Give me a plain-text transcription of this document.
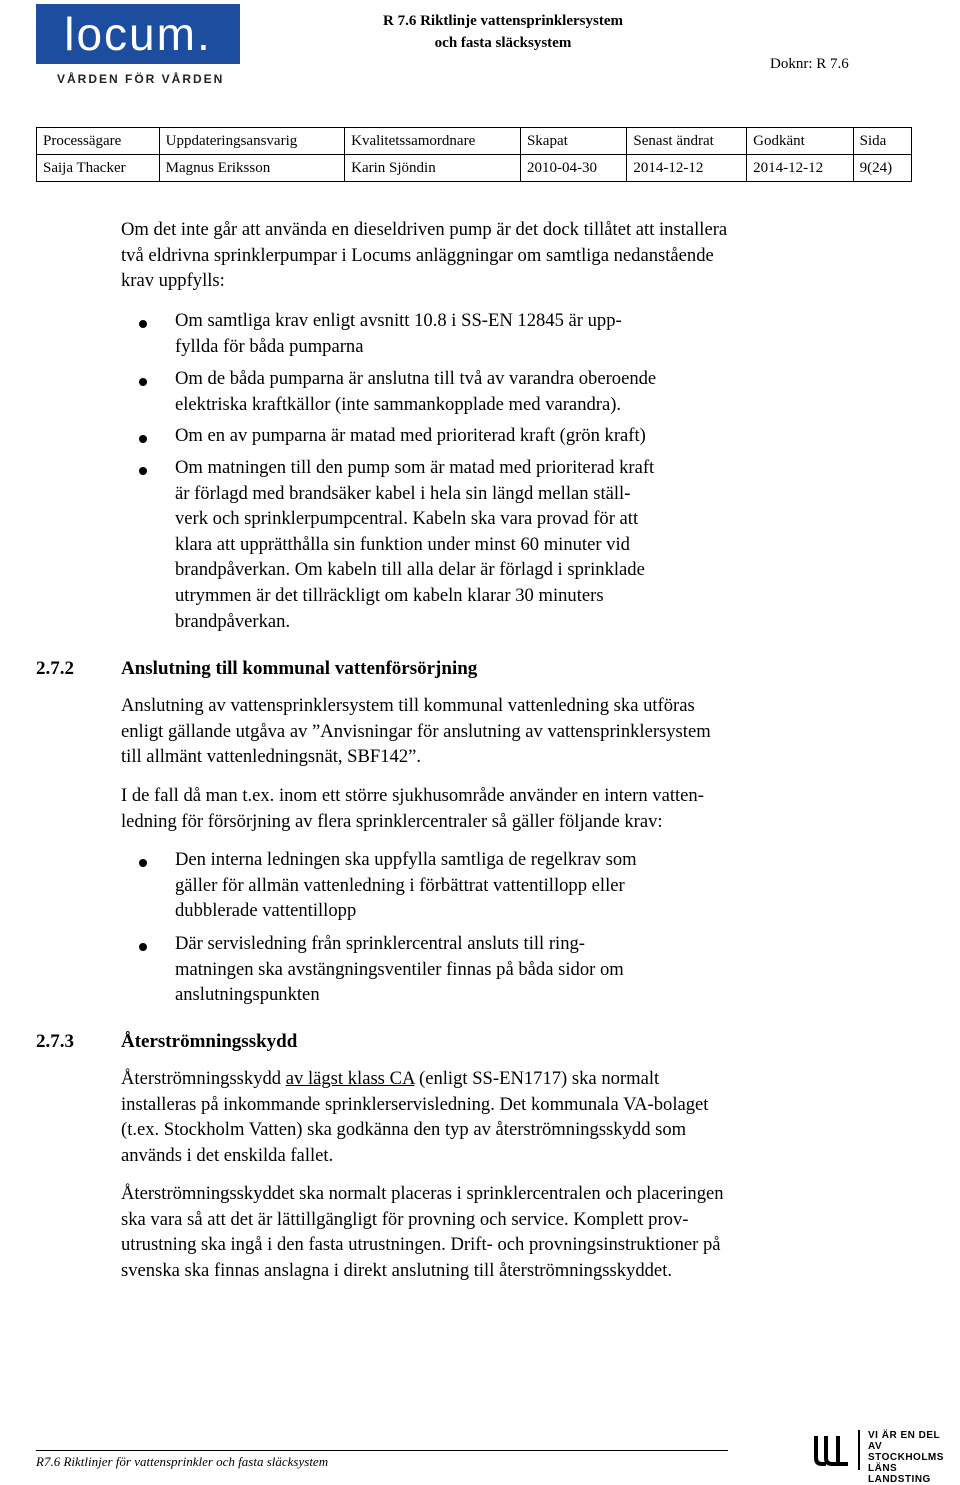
locum.
VÅRDEN FÖR VÅRDEN
R 7.6 Riktlinje vattensprinklersystem
och fasta släcksystem
Doknr: R 7.6
Processägare	Uppdateringsansvarig	Kvalitetssamordnare	Skapat	Senast ändrat	Godkänt	Sida
Saija Thacker	Magnus Eriksson	Karin Sjöndin	2010-04-30	2014-12-12	2014-12-12	9(24)
Om det inte går att använda en dieseldriven pump är det dock tillåtet att installera
två eldrivna sprinklerpumpar i Locums anläggningar om samtliga nedanstående
krav uppfylls:
Om samtliga krav enligt avsnitt 10.8 i SS-EN 12845 är upp-
fyllda för båda pumparna
Om de båda pumparna är anslutna till två av varandra oberoende
elektriska kraftkällor (inte sammankopplade med varandra).
Om en av pumparna är matad med prioriterad kraft (grön kraft)
Om matningen till den pump som är matad med prioriterad kraft
är förlagd med brandsäker kabel i hela sin längd mellan ställ-
verk och sprinklerpumpcentral. Kabeln ska vara provad för att
klara att upprätthålla sin funktion under minst 60 minuter vid
brandpåverkan. Om kabeln till alla delar är förlagd i sprinklade
utrymmen är det tillräckligt om kabeln klarar 30 minuters
brandpåverkan.
2.7.2 Anslutning till kommunal vattenförsörjning
Anslutning av vattensprinklersystem till kommunal vattenledning ska utföras
enligt gällande utgåva av ”Anvisningar för anslutning av vattensprinklersystem
till allmänt vattenledningsnät, SBF142”.
I de fall då man t.ex. inom ett större sjukhusområde använder en intern vatten-
ledning för försörjning av flera sprinklercentraler så gäller följande krav:
Den interna ledningen ska uppfylla samtliga de regelkrav som
gäller för allmän vattenledning i förbättrat vattentillopp eller
dubblerade vattentillopp
Där servisledning från sprinklercentral ansluts till ring-
matningen ska avstängningsventiler finnas på båda sidor om
anslutningspunkten
2.7.3 Återströmningsskydd
Återströmningsskydd av lägst klass CA (enligt SS-EN1717) ska normalt
installeras på inkommande sprinklerservisledning. Det kommunala VA-bolaget
(t.ex. Stockholm Vatten) ska godkänna den typ av återströmningsskydd som
används i det enskilda fallet.
Återströmningsskyddet ska normalt placeras i sprinklercentralen och placeringen
ska vara så att det är lättillgängligt för provning och service. Komplett prov-
utrustning ska ingå i den fasta utrustningen. Drift- och provningsinstruktioner på
svenska ska finnas anslagna i direkt anslutning till återströmningsskyddet.
R7.6 Riktlinjer för vattensprinkler och fasta släcksystem
VI ÄR EN DEL AV
STOCKHOLMS
LÄNS LANDSTING
